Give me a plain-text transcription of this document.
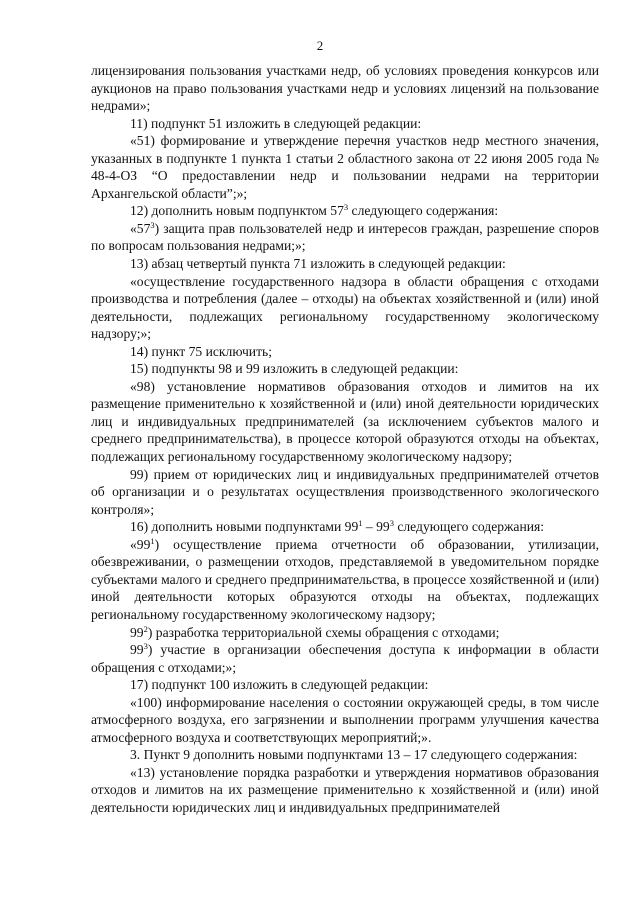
2

лицензирования пользования участками недр, об условиях проведения конкурсов или аукционов на право пользования участками недр и условиях лицензий на пользование недрами»;

11) подпункт 51 изложить в следующей редакции:

«51) формирование и утверждение перечня участков недр местного значения, указанных в подпункте 1 пункта 1 статьи 2 областного закона от 22 июня 2005 года № 48-4-ОЗ “О предоставлении недр и пользовании недрами на территории Архангельской области”;»;

12) дополнить новым подпунктом $57^3$ следующего содержания:

«$57^3$) защита прав пользователей недр и интересов граждан, разрешение споров по вопросам пользования недрами;»;

13) абзац четвертый пункта 71 изложить в следующей редакции:

«осуществление государственного надзора в области обращения с отходами производства и потребления (далее – отходы) на объектах хозяйственной и (или) иной деятельности, подлежащих региональному государственному экологическому надзору;»;

14) пункт 75 исключить;

15) подпункты 98 и 99 изложить в следующей редакции:

«98) установление нормативов образования отходов и лимитов на их размещение применительно к хозяйственной и (или) иной деятельности юридических лиц и индивидуальных предпринимателей (за исключением субъектов малого и среднего предпринимательства), в процессе которой образуются отходы на объектах, подлежащих региональному государственному экологическому надзору;

99) прием от юридических лиц и индивидуальных предпринимателей отчетов об организации и о результатах осуществления производственного экологического контроля»;

16) дополнить новыми подпунктами $99^1 - 99^3$ следующего содержания:

«$99^1$) осуществление приема отчетности об образовании, утилизации, обезвреживании, о размещении отходов, представляемой в уведомительном порядке субъектами малого и среднего предпринимательства, в процессе хозяйственной и (или) иной деятельности которых образуются отходы на объектах, подлежащих региональному государственному экологическому надзору;

$99^2$) разработка территориальной схемы обращения с отходами;

$99^3$) участие в организации обеспечения доступа к информации в области обращения с отходами;»;

17) подпункт 100 изложить в следующей редакции:

«100) информирование населения о состоянии окружающей среды, в том числе атмосферного воздуха, его загрязнении и выполнении программ улучшения качества атмосферного воздуха и соответствующих мероприятий;».

3. Пункт 9 дополнить новыми подпунктами 13 – 17 следующего содержания:

«13) установление порядка разработки и утверждения нормативов образования отходов и лимитов на их размещение применительно к хозяйственной и (или) иной деятельности юридических лиц и индивидуальных предпринимателей
